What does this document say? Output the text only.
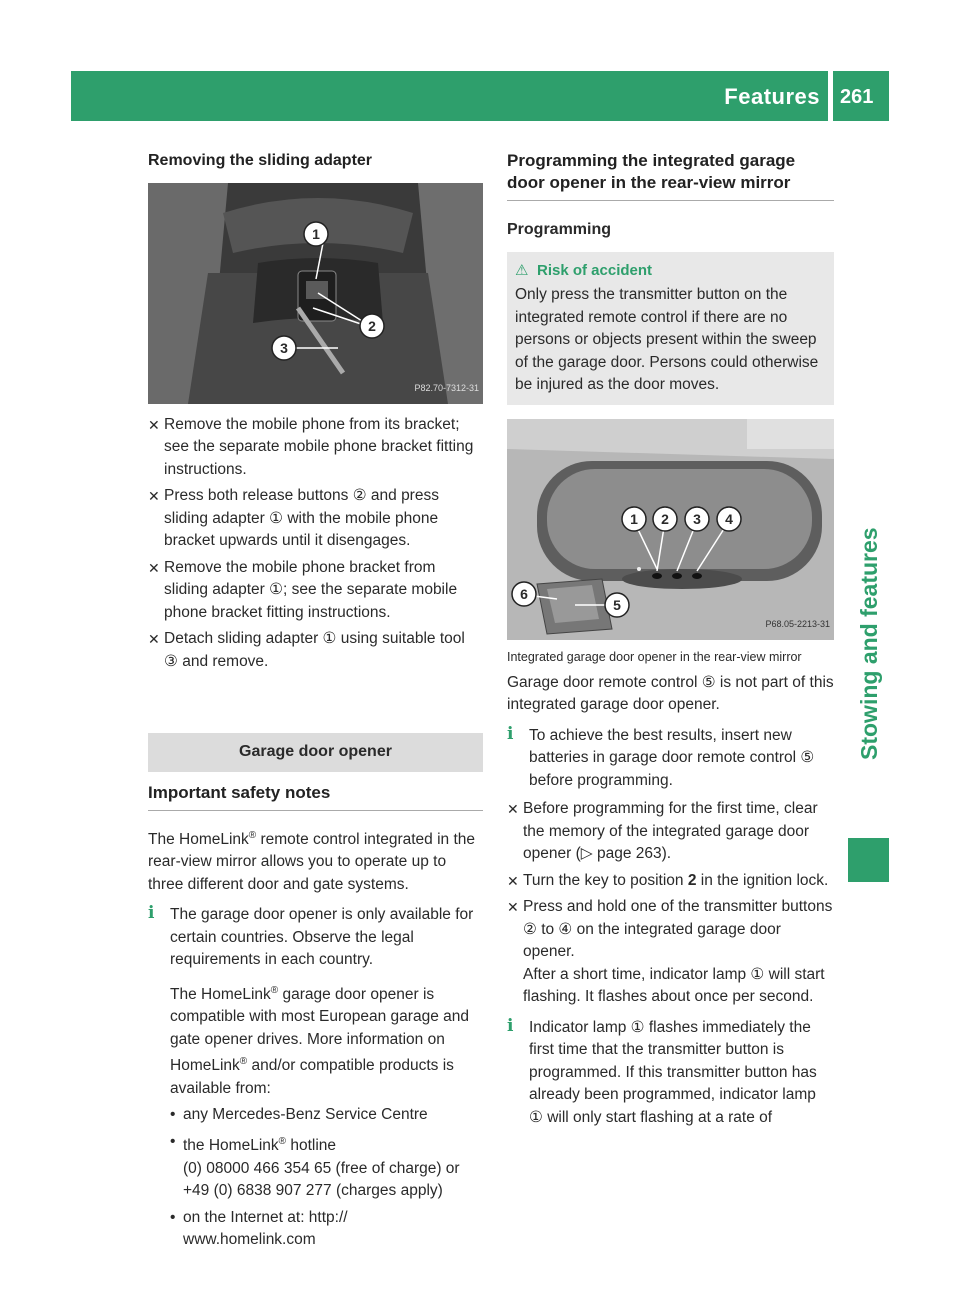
Features 261
Stowing and features
Removing the sliding adapter
1
2
3
P82.70-7312-31
✕ Remove the mobile phone from its bracket; see the separate mobile phone bracket fitting instructions.
✕ Press both release buttons ② and press sliding adapter ① with the mobile phone bracket upwards until it disengages.
✕ Remove the mobile phone bracket from sliding adapter ①; see the separate mobile phone bracket fitting instructions.
✕ Detach sliding adapter ① using suitable tool ③ and remove.
Garage door opener
Important safety notes
The HomeLink® remote control integrated in the rear-view mirror allows you to operate up to three different door and gate systems.
i	The garage door opener is only available for certain countries. Observe the legal requirements in each country.
The HomeLink® garage door opener is compatible with most European garage and gate opener drives. More information on HomeLink® and/or compatible products is available from:
• any Mercedes-Benz Service Centre
• the HomeLink® hotline
(0) 08000 466 354 65 (free of charge) or +49 (0) 6838 907 277 (charges apply)
• on the Internet at: http:// www.homelink.com
Programming the integrated garage door opener in the rear-view mirror
Programming
⚠ Risk of accident
Only press the transmitter button on the integrated remote control if there are no persons or objects present within the sweep of the garage door. Persons could otherwise be injured as the door moves.
1 2 3 4
5
6
P68.05-2213-31
Integrated garage door opener in the rear-view mirror
Garage door remote control ⑤ is not part of this integrated garage door opener.
i	To achieve the best results, insert new batteries in garage door remote control ⑤ before programming.
✕ Before programming for the first time, clear the memory of the integrated garage door opener (▷ page 263).
✕ Turn the key to position 2 in the ignition lock.
✕ Press and hold one of the transmitter buttons ② to ④ on the integrated garage door opener.
After a short time, indicator lamp ① will start flashing. It flashes about once per second.
i	Indicator lamp ① flashes immediately the first time that the transmitter button is programmed. If this transmitter button has already been programmed, indicator lamp ① will only start flashing at a rate of
